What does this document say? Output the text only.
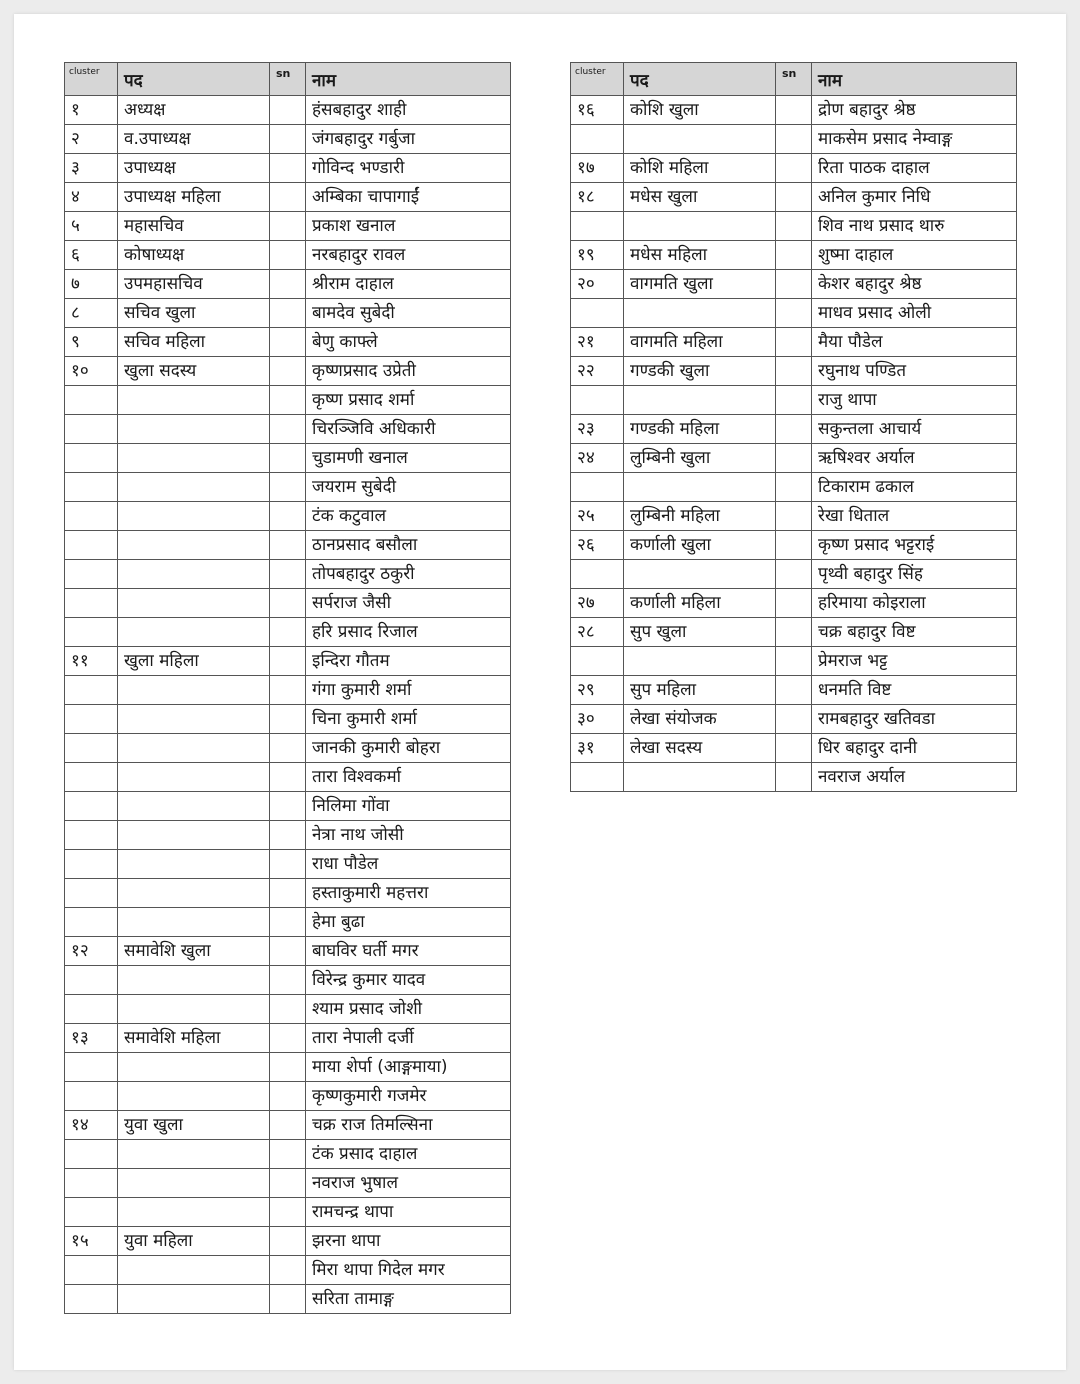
cluster	पद	sn	नाम
१	अध्यक्ष		हंसबहादुर शाही
२	व.उपाध्यक्ष		जंगबहादुर गर्बुजा
३	उपाध्यक्ष		गोविन्द भण्डारी
४	उपाध्यक्ष महिला		अम्बिका चापागाईं
५	महासचिव		प्रकाश खनाल
६	कोषाध्यक्ष		नरबहादुर रावल
७	उपमहासचिव		श्रीराम दाहाल
८	सचिव खुला		बामदेव सुबेदी
९	सचिव महिला		बेणु काफ्ले
१०	खुला सदस्य		कृष्णप्रसाद उप्रेती
			कृष्ण प्रसाद शर्मा
			चिरञ्जिवि अधिकारी
			चुडामणी खनाल
			जयराम सुबेदी
			टंक कटुवाल
			ठानप्रसाद बसौला
			तोपबहादुर ठकुरी
			सर्पराज जैसी
			हरि प्रसाद रिजाल
११	खुला महिला		इन्दिरा गौतम
			गंगा कुमारी शर्मा
			चिना कुमारी शर्मा
			जानकी कुमारी बोहरा
			तारा विश्वकर्मा
			निलिमा गोंवा
			नेत्रा नाथ जोसी
			राधा पौडेल
			हस्ताकुमारी महत्तरा
			हेमा बुढा
१२	समावेशि खुला		बाघविर घर्ती मगर
			विरेन्द्र कुमार यादव
			श्याम प्रसाद जोशी
१३	समावेशि महिला		तारा नेपाली दर्जी
			माया शेर्पा (आङ्गमाया)
			कृष्णकुमारी गजमेर
१४	युवा खुला		चक्र राज तिमल्सिना
			टंक प्रसाद दाहाल
			नवराज भुषाल
			रामचन्द्र थापा
१५	युवा महिला		झरना थापा
			मिरा थापा गिदेल मगर
			सरिता तामाङ्ग
cluster	पद	sn	नाम
१६	कोशि खुला		द्रोण बहादुर श्रेष्ठ
			माकसेम प्रसाद नेम्वाङ्ग
१७	कोशि महिला		रिता पाठक दाहाल
१८	मधेस खुला		अनिल कुमार निधि
			शिव नाथ प्रसाद थारु
१९	मधेस महिला		शुष्मा दाहाल
२०	वागमति खुला		केशर बहादुर श्रेष्ठ
			माधव प्रसाद ओली
२१	वागमति महिला		मैया पौडेल
२२	गण्डकी खुला		रघुनाथ पण्डित
			राजु थापा
२३	गण्डकी महिला		सकुन्तला आचार्य
२४	लुम्बिनी खुला		ऋषिश्वर अर्याल
			टिकाराम ढकाल
२५	लुम्बिनी महिला		रेखा धिताल
२६	कर्णाली खुला		कृष्ण प्रसाद भट्टराई
			पृथ्वी बहादुर सिंह
२७	कर्णाली महिला		हरिमाया कोइराला
२८	सुप खुला		चक्र बहादुर विष्ट
			प्रेमराज भट्ट
२९	सुप महिला		धनमति विष्ट
३०	लेखा संयोजक		रामबहादुर खतिवडा
३१	लेखा सदस्य		धिर बहादुर दानी
			नवराज अर्याल
